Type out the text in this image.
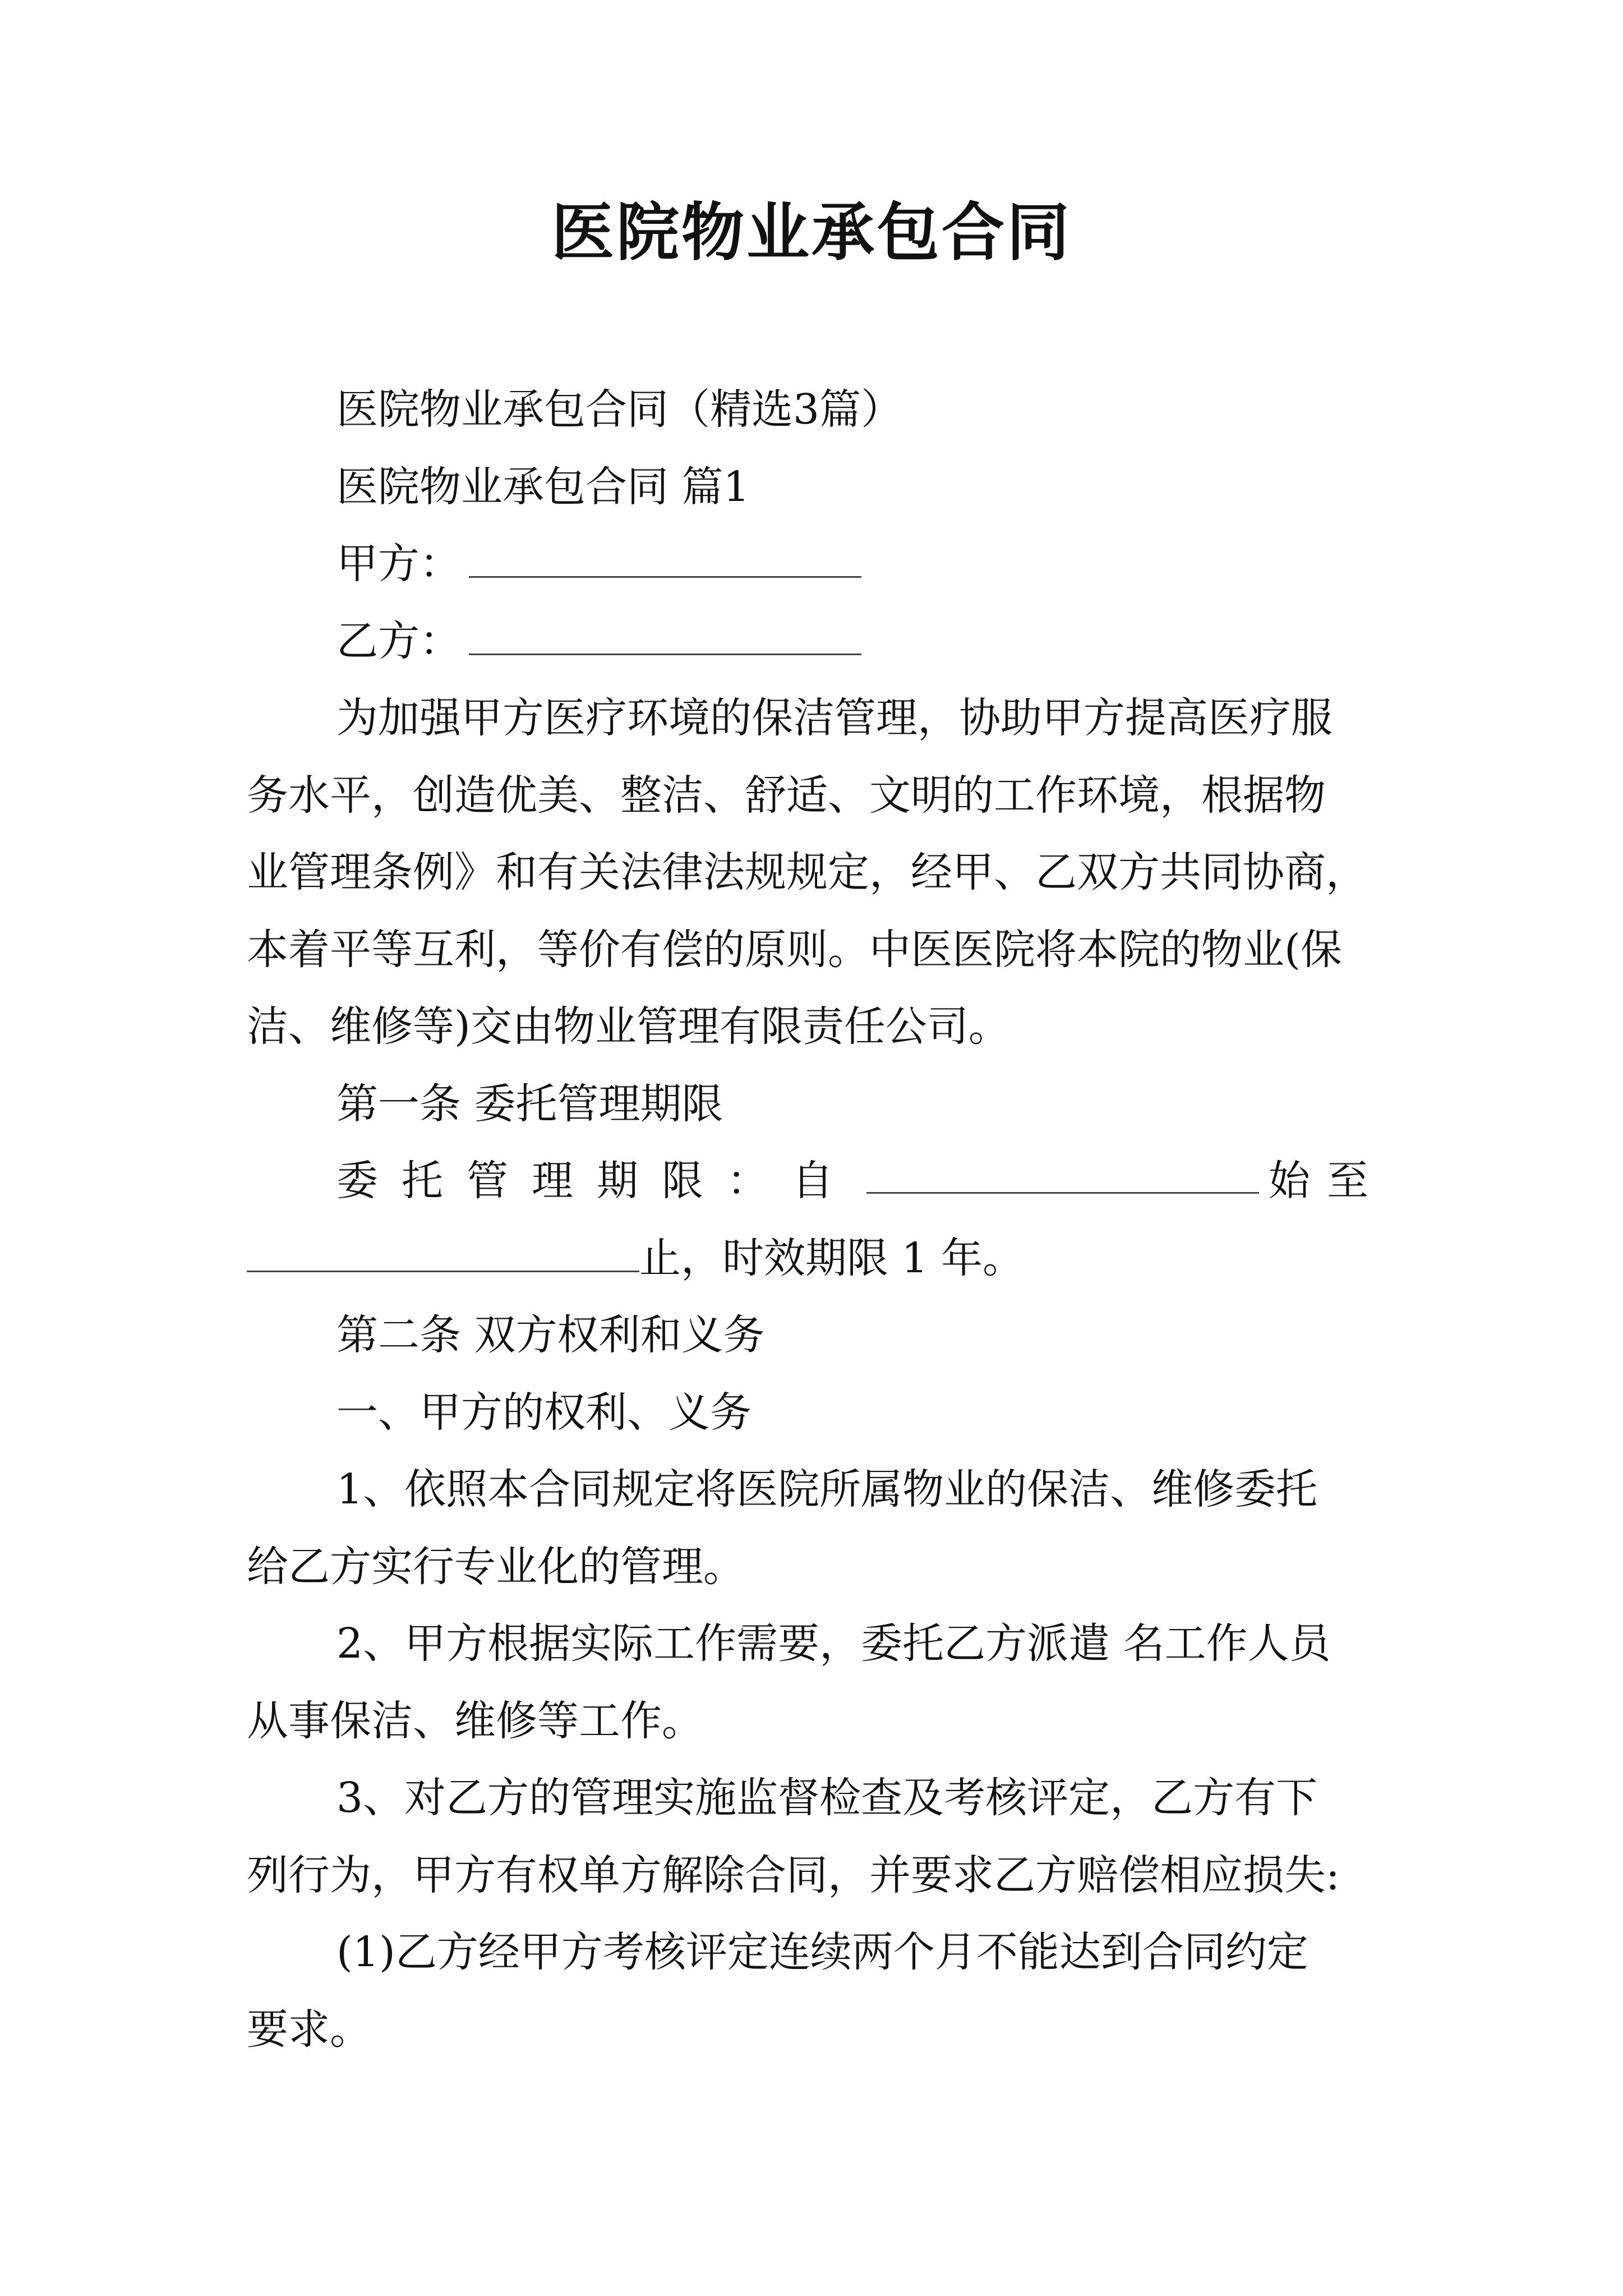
医院物业承包合同
医院物业承包合同（精选3篇）
医院物业承包合同 篇1
甲方：
乙方：
为加强甲方医疗环境的保洁管理，协助甲方提高医疗服
务水平，创造优美、整洁、舒适、文明的工作环境，根据物
业管理条例》和有关法律法规规定，经甲、乙双方共同协商，
本着平等互利，等价有偿的原则。中医医院将本院的物业(保
洁、维修等)交由物业管理有限责任公司。
第一条 委托管理期限
委托管理期限：自	始至
止，时效期限 1 年。
第二条 双方权利和义务
一、甲方的权利、义务
1、依照本合同规定将医院所属物业的保洁、维修委托
给乙方实行专业化的管理。
2、甲方根据实际工作需要，委托乙方派遣 名工作人员
从事保洁、维修等工作。
3、对乙方的管理实施监督检查及考核评定，乙方有下
列行为，甲方有权单方解除合同，并要求乙方赔偿相应损失:
(1)乙方经甲方考核评定连续两个月不能达到合同约定
要求。
